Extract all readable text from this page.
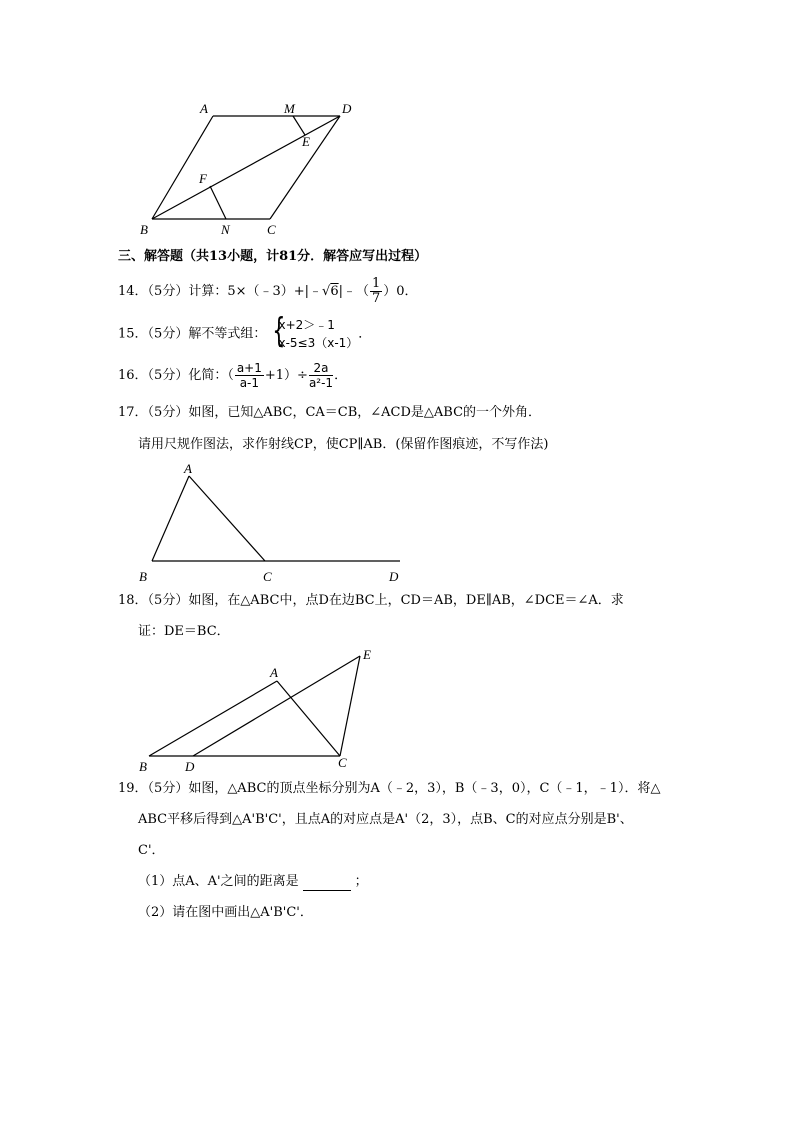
A	M	D
E
F
B	N	C
三、解答题（共13小题，计81分．解答应写出过程）
14．（5分）计算：5×（﹣3）+|﹣√6|﹣（ $\frac{1}{7} )0$．
15．（5分）解不等式组： {
x+2＞﹣1
x-5≤3（x-1）
．
16．（5分）化简：（ $\frac{a+1}{a-1} +1)\div \frac{2a}{\text{a²-1}}$ ．
17．（5分）如图，已知△ABC，CA＝CB，∠ACD是△ABC的一个外角．
请用尺规作图法，求作射线CP，使CP∥AB．(保留作图痕迹，不写作法)
A
B	C	D
18．（5分）如图，在△ABC中，点D在边BC上，CD＝AB，DE∥AB，∠DCE＝∠A．求
证：DE＝BC．
A
E
B	D	C
19．（5分）如图，△ABC的顶点坐标分别为A（﹣2，3），B（﹣3，0），C（﹣1，﹣1）．将△
ABC平移后得到△A'B'C'，且点A的对应点是A'（2，3），点B、C的对应点分别是B'、
C'．
（1）点A、A'之间的距离是	；
（2）请在图中画出△A'B'C'．
